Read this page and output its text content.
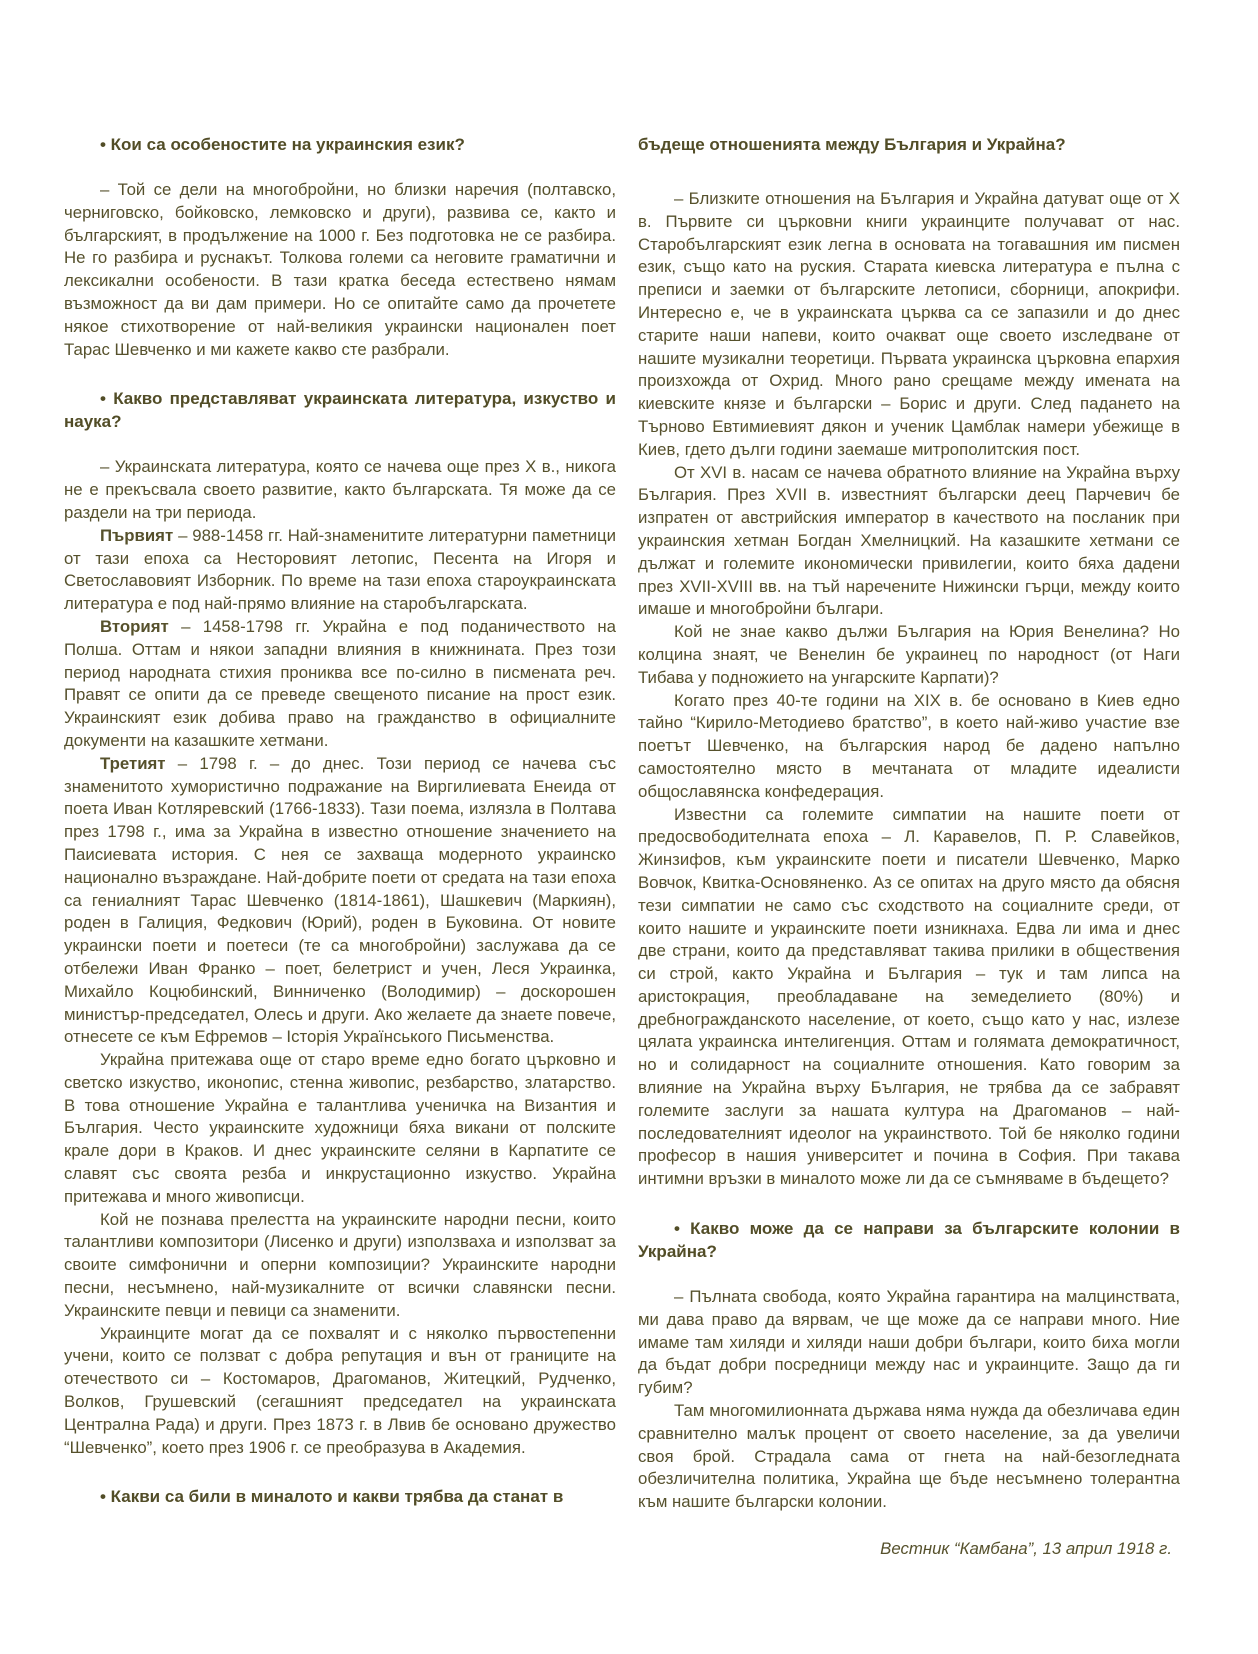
• Кои са особеностите на украинския език?

– Той се дели на многобройни, но близки наречия (полтавско, черниговско, бойковско, лемковско и други), развива се, както и българският, в продължение на 1000 г. Без подготовка не се разбира. Не го разбира и руснакът. Толкова големи са неговите граматични и лексикални особености. В тази кратка беседа естествено нямам възможност да ви дам примери. Но се опитайте само да прочетете някое стихотворение от най-великия украински национален поет Тарас Шевченко и ми кажете какво сте разбрали.

• Какво представляват украинската литература, изкуство и наука?

– Украинската литература, която се начева още през X в., никога не е прекъсвала своето развитие, както българската. Тя може да се раздели на три периода.

Първият – 988-1458 гг. Най-знаменитите литературни паметници от тази епоха са Несторовият летопис, Песента на Игоря и Светославовият Изборник. По време на тази епоха староукраинската литература е под най-прямо влияние на старобългарската.

Вторият – 1458-1798 гг. Украйна е под поданичеството на Полша. Оттам и някои западни влияния в книжнината. През този период народната стихия прониква все по-силно в писмената реч. Правят се опити да се преведе свещеното писание на прост език. Украинският език добива право на гражданство в официалните документи на казашките хетмани.

Третият – 1798 г. – до днес. Този период се начева със знаменитото хумористично подражание на Виргилиевата Енеида от поета Иван Котляревский (1766-1833). Тази поема, излязла в Полтава през 1798 г., има за Украйна в известно отношение значението на Паисиевата история. С нея се захваща модерното украинско национално възраждане. Най-добрите поети от средата на тази епоха са гениалният Тарас Шевченко (1814-1861), Шашкевич (Маркиян), роден в Галиция, Федкович (Юрий), роден в Буковина. От новите украински поети и поетеси (те са многобройни) заслужава да се отбележи Иван Франко – поет, белетрист и учен, Леся Украинка, Михайло Коцюбинский, Винниченко (Володимир) – доскорошен министър-председател, Олесь и други. Ако желаете да знаете повече, отнесете се към Ефремов – Історія Українського Письменства.

Украйна притежава още от старо време едно богато църковно и светско изкуство, иконопис, стенна живопис, резбарство, златарство. В това отношение Украйна е талантлива ученичка на Византия и България. Често украинските художници бяха викани от полските крале дори в Краков. И днес украинските селяни в Карпатите се славят със своята резба и инкрустационно изкуство. Украйна притежава и много живописци.

Кой не познава прелестта на украинските народни песни, които талантливи композитори (Лисенко и други) използваха и използват за своите симфонични и оперни композиции? Украинските народни песни, несъмнено, най-музикалните от всички славянски песни. Украинските певци и певици са знаменити.

Украинците могат да се похвалят и с няколко първостепенни учени, които се ползват с добра репутация и вън от границите на отечеството си – Костомаров, Драгоманов, Житецкий, Рудченко, Волков, Грушевский (сегашният председател на украинската Централна Рада) и други. През 1873 г. в Лвив бе основано дружество “Шевченко”, което през 1906 г. се преобразува в Академия.

• Какви са били в миналото и какви трябва да станат в

бъдеще отношенията между България и Украйна?

– Близките отношения на България и Украйна датуват още от X в. Първите си църковни книги украинците получават от нас. Старобългарският език легна в основата на тогавашния им писмен език, също като на руския. Старата киевска литература е пълна с преписи и заемки от българските летописи, сборници, апокрифи. Интересно е, че в украинската църква са се запазили и до днес старите наши напеви, които очакват още своето изследване от нашите музикални теоретици. Първата украинска църковна епархия произхожда от Охрид. Много рано срещаме между имената на киевските князе и български – Борис и други. След падането на Търново Евтимиевият дякон и ученик Цамблак намери убежище в Киев, гдето дълги години заемаше митрополитския пост.

От XVI в. насам се начева обратното влияние на Украйна върху България. През XVII в. известният български деец Парчевич бе изпратен от австрийския император в качеството на посланик при украинския хетман Богдан Хмелницкий. На казашките хетмани се дължат и големите икономически привилегии, които бяха дадени през XVII-XVIII вв. на тъй наречените Нижински гърци, между които имаше и многобройни българи.

Кой не знае какво дължи България на Юрия Венелина? Но колцина знаят, че Венелин бе украинец по народност (от Наги Тибава у подножието на унгарските Карпати)?

Когато през 40-те години на XIX в. бе основано в Киев едно тайно “Кирило-Методиево братство”, в което най-живо участие взе поетът Шевченко, на българския народ бе дадено напълно самостоятелно място в мечтаната от младите идеалисти общославянска конфедерация.

Известни са големите симпатии на нашите поети от предосвободителната епоха – Л. Каравелов, П. Р. Славейков, Жинзифов, към украинските поети и писатели Шевченко, Марко Вовчок, Квитка-Основяненко. Аз се опитах на друго място да обясня тези симпатии не само със сходството на социалните среди, от които нашите и украинските поети изникнаха. Едва ли има и днес две страни, които да представляват такива прилики в обществения си строй, както Украйна и България – тук и там липса на аристокрация, преобладаване на земеделието (80%) и дребногражданското население, от което, също като у нас, излезе цялата украинска интелигенция. Оттам и голямата демократичност, но и солидарност на социалните отношения. Като говорим за влияние на Украйна върху България, не трябва да се забравят големите заслуги за нашата култура на Драгоманов – най-последователният идеолог на украинството. Той бе няколко години професор в нашия университет и почина в София. При такава интимни връзки в миналото може ли да се съмняваме в бъдещето?

• Какво може да се направи за българските колонии в Украйна?

– Пълната свобода, която Украйна гарантира на малцинствата, ми дава право да вярвам, че ще може да се направи много. Ние имаме там хиляди и хиляди наши добри българи, които биха могли да бъдат добри посредници между нас и украинците. Защо да ги губим?

Там многомилионната държава няма нужда да обезличава един сравнително малък процент от своето население, за да увеличи своя брой. Страдала сама от гнета на най-безогледната обезличителна политика, Украйна ще бъде несъмнено толерантна към нашите български колонии.

Вестник “Камбана”, 13 април 1918 г.
